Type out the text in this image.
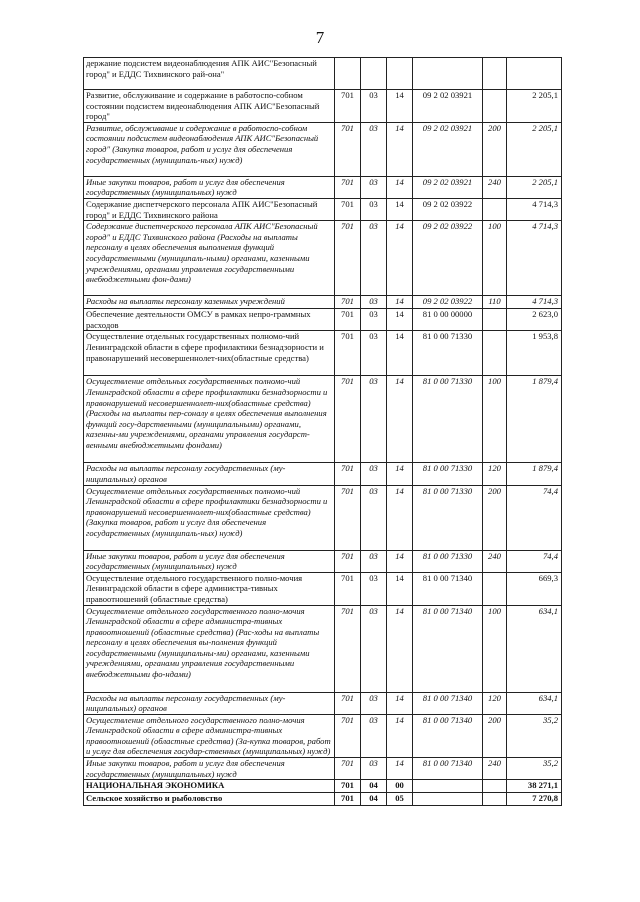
7
держание подсистем видеонаблюдения АПК АИС"Безопасный город" и ЕДДС Тихвинского рай-она"						
Развитие, обслуживание и содержание в работоспо-собном состоянии подсистем видеонаблюдения АПК АИС"Безопасный город"	701	03	14	09 2 02 03921		2 205,1
Развитие, обслуживание и содержание в работоспо-собном состоянии подсистем видеонаблюдения АПК АИС"Безопасный город" (Закупка товаров, работ и услуг для обеспечения государственных (муниципаль-ных) нужд)	701	03	14	09 2 02 03921	200	2 205,1
Иные закупки товаров, работ и услуг для обеспечения государственных (муниципальных) нужд	701	03	14	09 2 02 03921	240	2 205,1
Содержание диспетчерского персонала АПК АИС"Безопасный город" и ЕДДС Тихвинского района	701	03	14	09 2 02 03922		4 714,3
Содержание диспетчерского персонала АПК АИС"Безопасный город" и ЕДДС Тихвинского района (Расходы на выплаты персоналу в целях обеспечения выполнения функций государственными (муниципаль-ными) органами, казенными учреждениями, органами управления государственными внебюджетными фон-дами)	701	03	14	09 2 02 03922	100	4 714,3
Расходы на выплаты персоналу казенных учреждений	701	03	14	09 2 02 03922	110	4 714,3
Обеспечение деятельности ОМСУ в рамках непро-граммных расходов	701	03	14	81 0 00 00000		2 623,0
Осуществление отдельных государственных полномо-чий Ленинградской области в сфере профилактики безнадзорности и правонарушений несовершеннолет-них(областные средства)	701	03	14	81 0 00 71330		1 953,8
Осуществление отдельных государственных полномо-чий Ленинградской области в сфере профилактики безнадзорности и правонарушений несовершеннолет-них(областные средства) (Расходы на выплаты пер-соналу в целях обеспечения выполнения функций госу-дарственными (муниципальными) органами, казенны-ми учреждениями, органами управления государст-венными внебюджетными фондами)	701	03	14	81 0 00 71330	100	1 879,4
Расходы на выплаты персоналу государственных (му-ниципальных) органов	701	03	14	81 0 00 71330	120	1 879,4
Осуществление отдельных государственных полномо-чий Ленинградской области в сфере профилактики безнадзорности и правонарушений несовершеннолет-них(областные средства) (Закупка товаров, работ и услуг для обеспечения государственных (муниципаль-ных) нужд)	701	03	14	81 0 00 71330	200	74,4
Иные закупки товаров, работ и услуг для обеспечения государственных (муниципальных) нужд	701	03	14	81 0 00 71330	240	74,4
Осуществление отдельного государственного полно-мочия Ленинградской области в сфере администра-тивных правоотношений (областные средства)	701	03	14	81 0 00 71340		669,3
Осуществление отдельного государственного полно-мочия Ленинградской области в сфере администра-тивных правоотношений (областные средства) (Рас-ходы на выплаты персоналу в целях обеспечения вы-полнения функций государственными (муниципальны-ми) органами, казенными учреждениями, органами управления государственными внебюджетными фо-ндами)	701	03	14	81 0 00 71340	100	634,1
Расходы на выплаты персоналу государственных (му-ниципальных) органов	701	03	14	81 0 00 71340	120	634,1
Осуществление отдельного государственного полно-мочия Ленинградской области в сфере администра-тивных правоотношений (областные средства) (За-купка товаров, работ и услуг для обеспечения государ-ственных (муниципальных) нужд)	701	03	14	81 0 00 71340	200	35,2
Иные закупки товаров, работ и услуг для обеспечения государственных (муниципальных) нужд	701	03	14	81 0 00 71340	240	35,2
НАЦИОНАЛЬНАЯ ЭКОНОМИКА	701	04	00			38 271,1
Сельское хозяйство и рыболовство	701	04	05			7 270,8
